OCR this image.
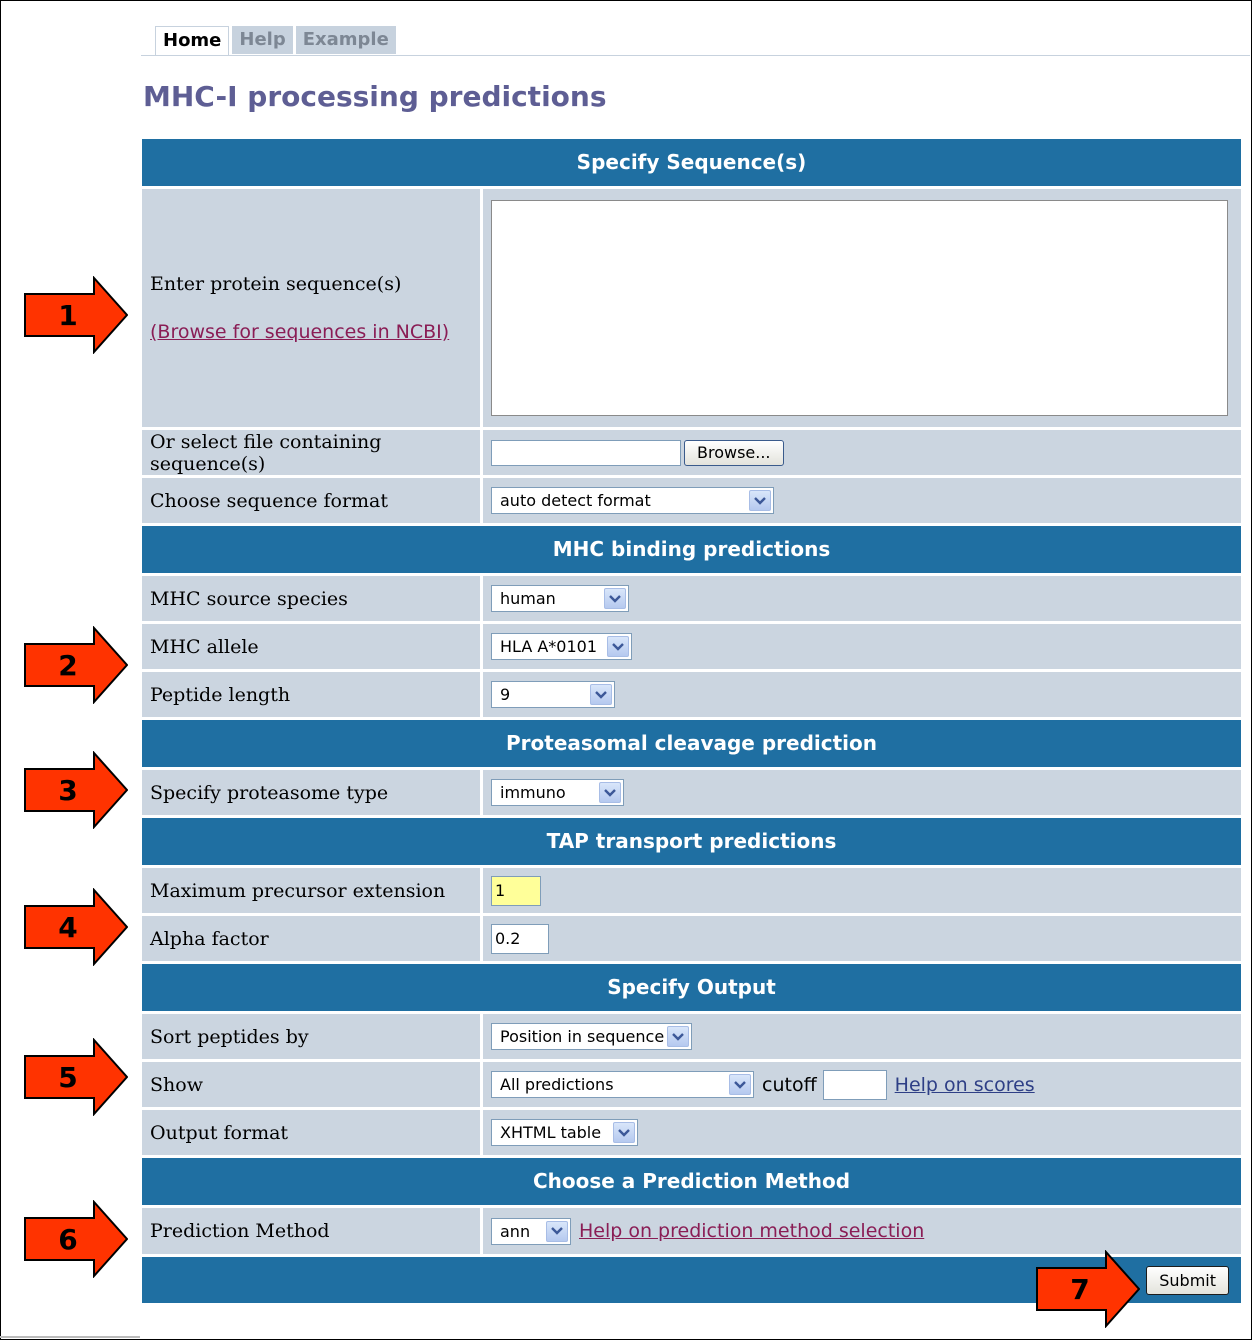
Home	Help Example
MHC-I processing predictions
Specify Sequence(s)
Enter protein sequence(s)
(Browse for sequences in NCBI)
Or select file containing sequence(s)	Browse...
Choose sequence format	auto detect format
MHC binding predictions
MHC source species	human
MHC allele	HLA A*0101
Peptide length	9
Proteasomal cleavage prediction
Specify proteasome type	immuno
TAP transport predictions
Maximum precursor extension	1
Alpha factor	0.2
Specify Output
Sort peptides by	Position in sequence
Show	All predictions	cutoff	Help on scores
Output format	XHTML table
Choose a Prediction Method
Prediction Method	ann	Help on prediction method selection
Submit
1
2
3
4
5
6
7
